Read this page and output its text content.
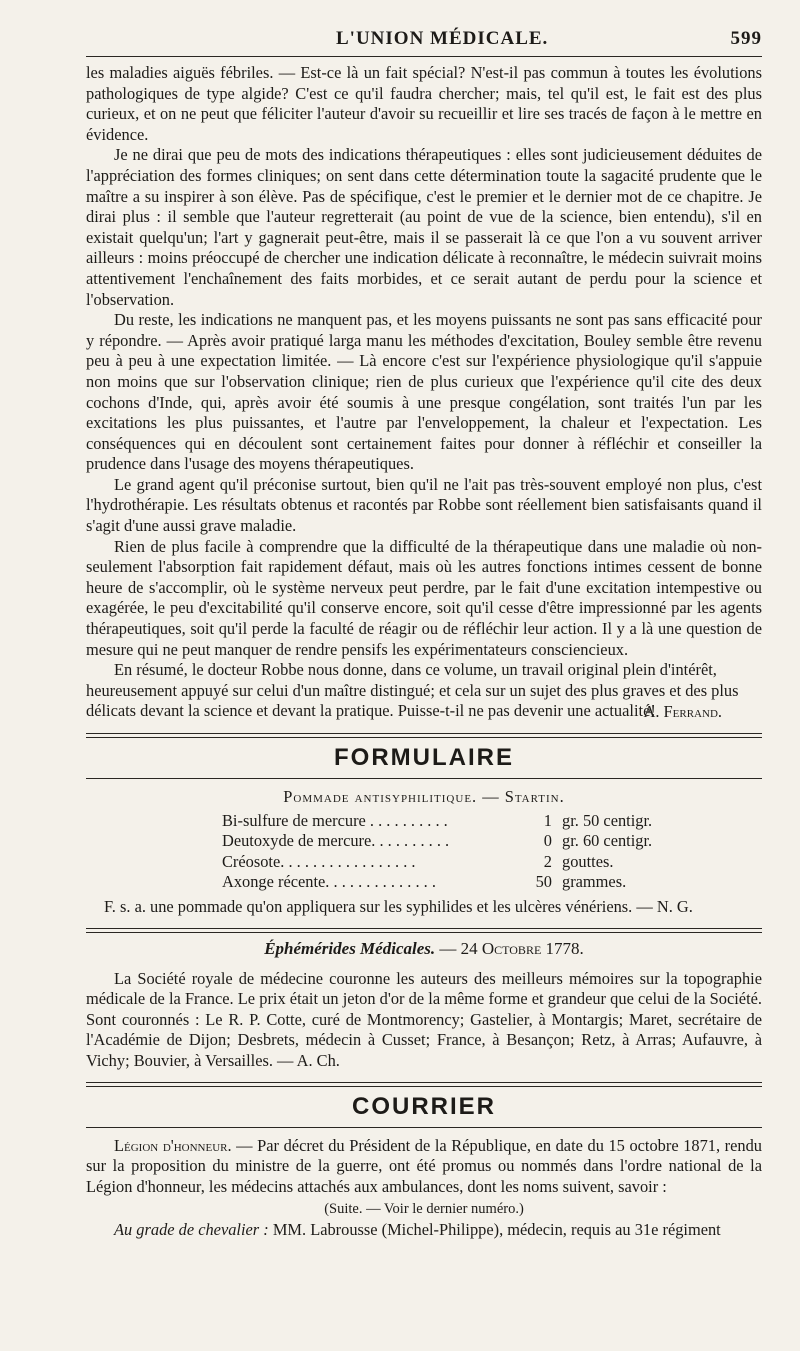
L'UNION MÉDICALE.	599

les maladies aiguës fébriles. — Est-ce là un fait spécial? N'est-il pas commun à toutes les évolutions pathologiques de type algide? C'est ce qu'il faudra chercher; mais, tel qu'il est, le fait est des plus curieux, et on ne peut que féliciter l'auteur d'avoir su recueillir et lire ses tracés de façon à le mettre en évidence.

Je ne dirai que peu de mots des indications thérapeutiques : elles sont judicieusement déduites de l'appréciation des formes cliniques; on sent dans cette détermination toute la sagacité prudente que le maître a su inspirer à son élève. Pas de spécifique, c'est le premier et le dernier mot de ce chapitre. Je dirai plus : il semble que l'auteur regretterait (au point de vue de la science, bien entendu), s'il en existait quelqu'un; l'art y gagnerait peut-être, mais il se passerait là ce que l'on a vu souvent arriver ailleurs : moins préoccupé de chercher une indication délicate à reconnaître, le médecin suivrait moins attentivement l'enchaînement des faits morbides, et ce serait autant de perdu pour la science et l'observation.

Du reste, les indications ne manquent pas, et les moyens puissants ne sont pas sans efficacité pour y répondre. — Après avoir pratiqué larga manu les méthodes d'excitation, Bouley semble être revenu peu à peu à une expectation limitée. — Là encore c'est sur l'expérience physiologique qu'il s'appuie non moins que sur l'observation clinique; rien de plus curieux que l'expérience qu'il cite des deux cochons d'Inde, qui, après avoir été soumis à une presque congélation, sont traités l'un par les excitations les plus puissantes, et l'autre par l'enveloppement, la chaleur et l'expectation. Les conséquences qui en découlent sont certainement faites pour donner à réfléchir et conseiller la prudence dans l'usage des moyens thérapeutiques.

Le grand agent qu'il préconise surtout, bien qu'il ne l'ait pas très-souvent employé non plus, c'est l'hydrothérapie. Les résultats obtenus et racontés par Robbe sont réellement bien satisfaisants quand il s'agit d'une aussi grave maladie.

Rien de plus facile à comprendre que la difficulté de la thérapeutique dans une maladie où non-seulement l'absorption fait rapidement défaut, mais où les autres fonctions intimes cessent de bonne heure de s'accomplir, où le système nerveux peut perdre, par le fait d'une excitation intempestive ou exagérée, le peu d'excitabilité qu'il conserve encore, soit qu'il cesse d'être impressionné par les agents thérapeutiques, soit qu'il perde la faculté de réagir ou de réfléchir leur action. Il y a là une question de mesure qui ne peut manquer de rendre pensifs les expérimentateurs consciencieux.

En résumé, le docteur Robbe nous donne, dans ce volume, un travail original plein d'intérêt, heureusement appuyé sur celui d'un maître distingué; et cela sur un sujet des plus graves et des plus délicats devant la science et devant la pratique. Puisse-t-il ne pas devenir une actualité!

A. Ferrand.
FORMULAIRE
Pommade antisyphilitique. — Startin.
Bi-sulfure de mercure . . . . . . . . . .	1 gr. 50 centigr.
Deutoxyde de mercure. . . . . . . . . .	0 gr. 60 centigr.
Créosote. . . . . . . . . . . . . . . . .	2 gouttes.
Axonge récente. . . . . . . . . . . . . .	50 grammes.

F. s. a. une pommade qu'on appliquera sur les syphilides et les ulcères vénériens. — N. G.

Éphémérides Médicales. — 24 Octobre 1778.

La Société royale de médecine couronne les auteurs des meilleurs mémoires sur la topographie médicale de la France. Le prix était un jeton d'or de la même forme et grandeur que celui de la Société. Sont couronnés : Le R. P. Cotte, curé de Montmorency; Gastelier, à Montargis; Maret, secrétaire de l'Académie de Dijon; Desbrets, médecin à Cusset; France, à Besançon; Retz, à Arras; Aufauvre, à Vichy; Bouvier, à Versailles. — A. Ch.

COURRIER

Légion d'honneur. — Par décret du Président de la République, en date du 15 octobre 1871, rendu sur la proposition du ministre de la guerre, ont été promus ou nommés dans l'ordre national de la Légion d'honneur, les médecins attachés aux ambulances, dont les noms suivent, savoir :

(Suite. — Voir le dernier numéro.)

Au grade de chevalier : MM. Labrousse (Michel-Philippe), médecin, requis au 31e régiment
